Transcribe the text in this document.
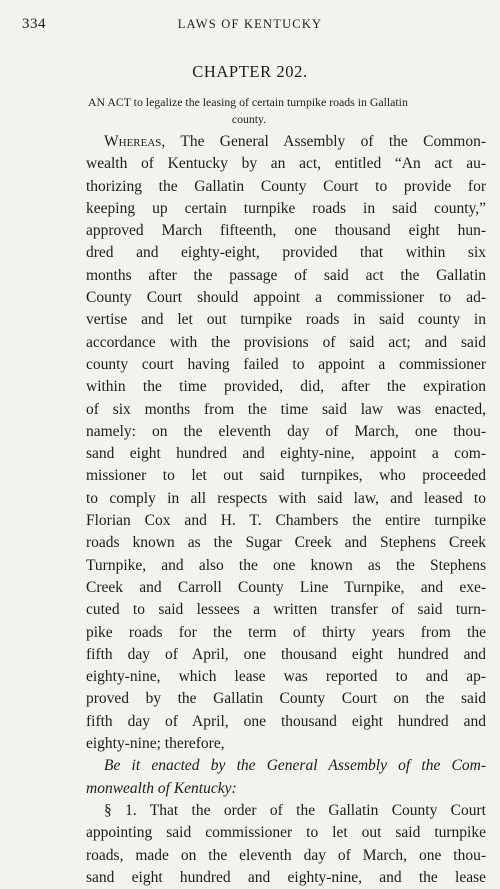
334	LAWS OF KENTUCKY
CHAPTER 202.
AN ACT to legalize the leasing of certain turnpike roads in Gallatin
county.
Whereas, The General Assembly of the Common-
wealth of Kentucky by an act, entitled “An act au-
thorizing the Gallatin County Court to provide for
keeping up certain turnpike roads in said county,”
approved March fifteenth, one thousand eight hun-
dred and eighty-eight, provided that within six
months after the passage of said act the Gallatin
County Court should appoint a commissioner to ad-
vertise and let out turnpike roads in said county in
accordance with the provisions of said act; and said
county court having failed to appoint a commissioner
within the time provided, did, after the expiration
of six months from the time said law was enacted,
namely: on the eleventh day of March, one thou-
sand eight hundred and eighty-nine, appoint a com-
missioner to let out said turnpikes, who proceeded
to comply in all respects with said law, and leased to
Florian Cox and H. T. Chambers the entire turnpike
roads known as the Sugar Creek and Stephens Creek
Turnpike, and also the one known as the Stephens
Creek and Carroll County Line Turnpike, and exe-
cuted to said lessees a written transfer of said turn-
pike roads for the term of thirty years from the
fifth day of April, one thousand eight hundred and
eighty-nine, which lease was reported to and ap-
proved by the Gallatin County Court on the said
fifth day of April, one thousand eight hundred and
eighty-nine; therefore,
Be it enacted by the General Assembly of the Com-
monwealth of Kentucky:
§ 1. That the order of the Gallatin County Court
appointing said commissioner to let out said turnpike
roads, made on the eleventh day of March, one thou-
sand eight hundred and eighty-nine, and the lease
